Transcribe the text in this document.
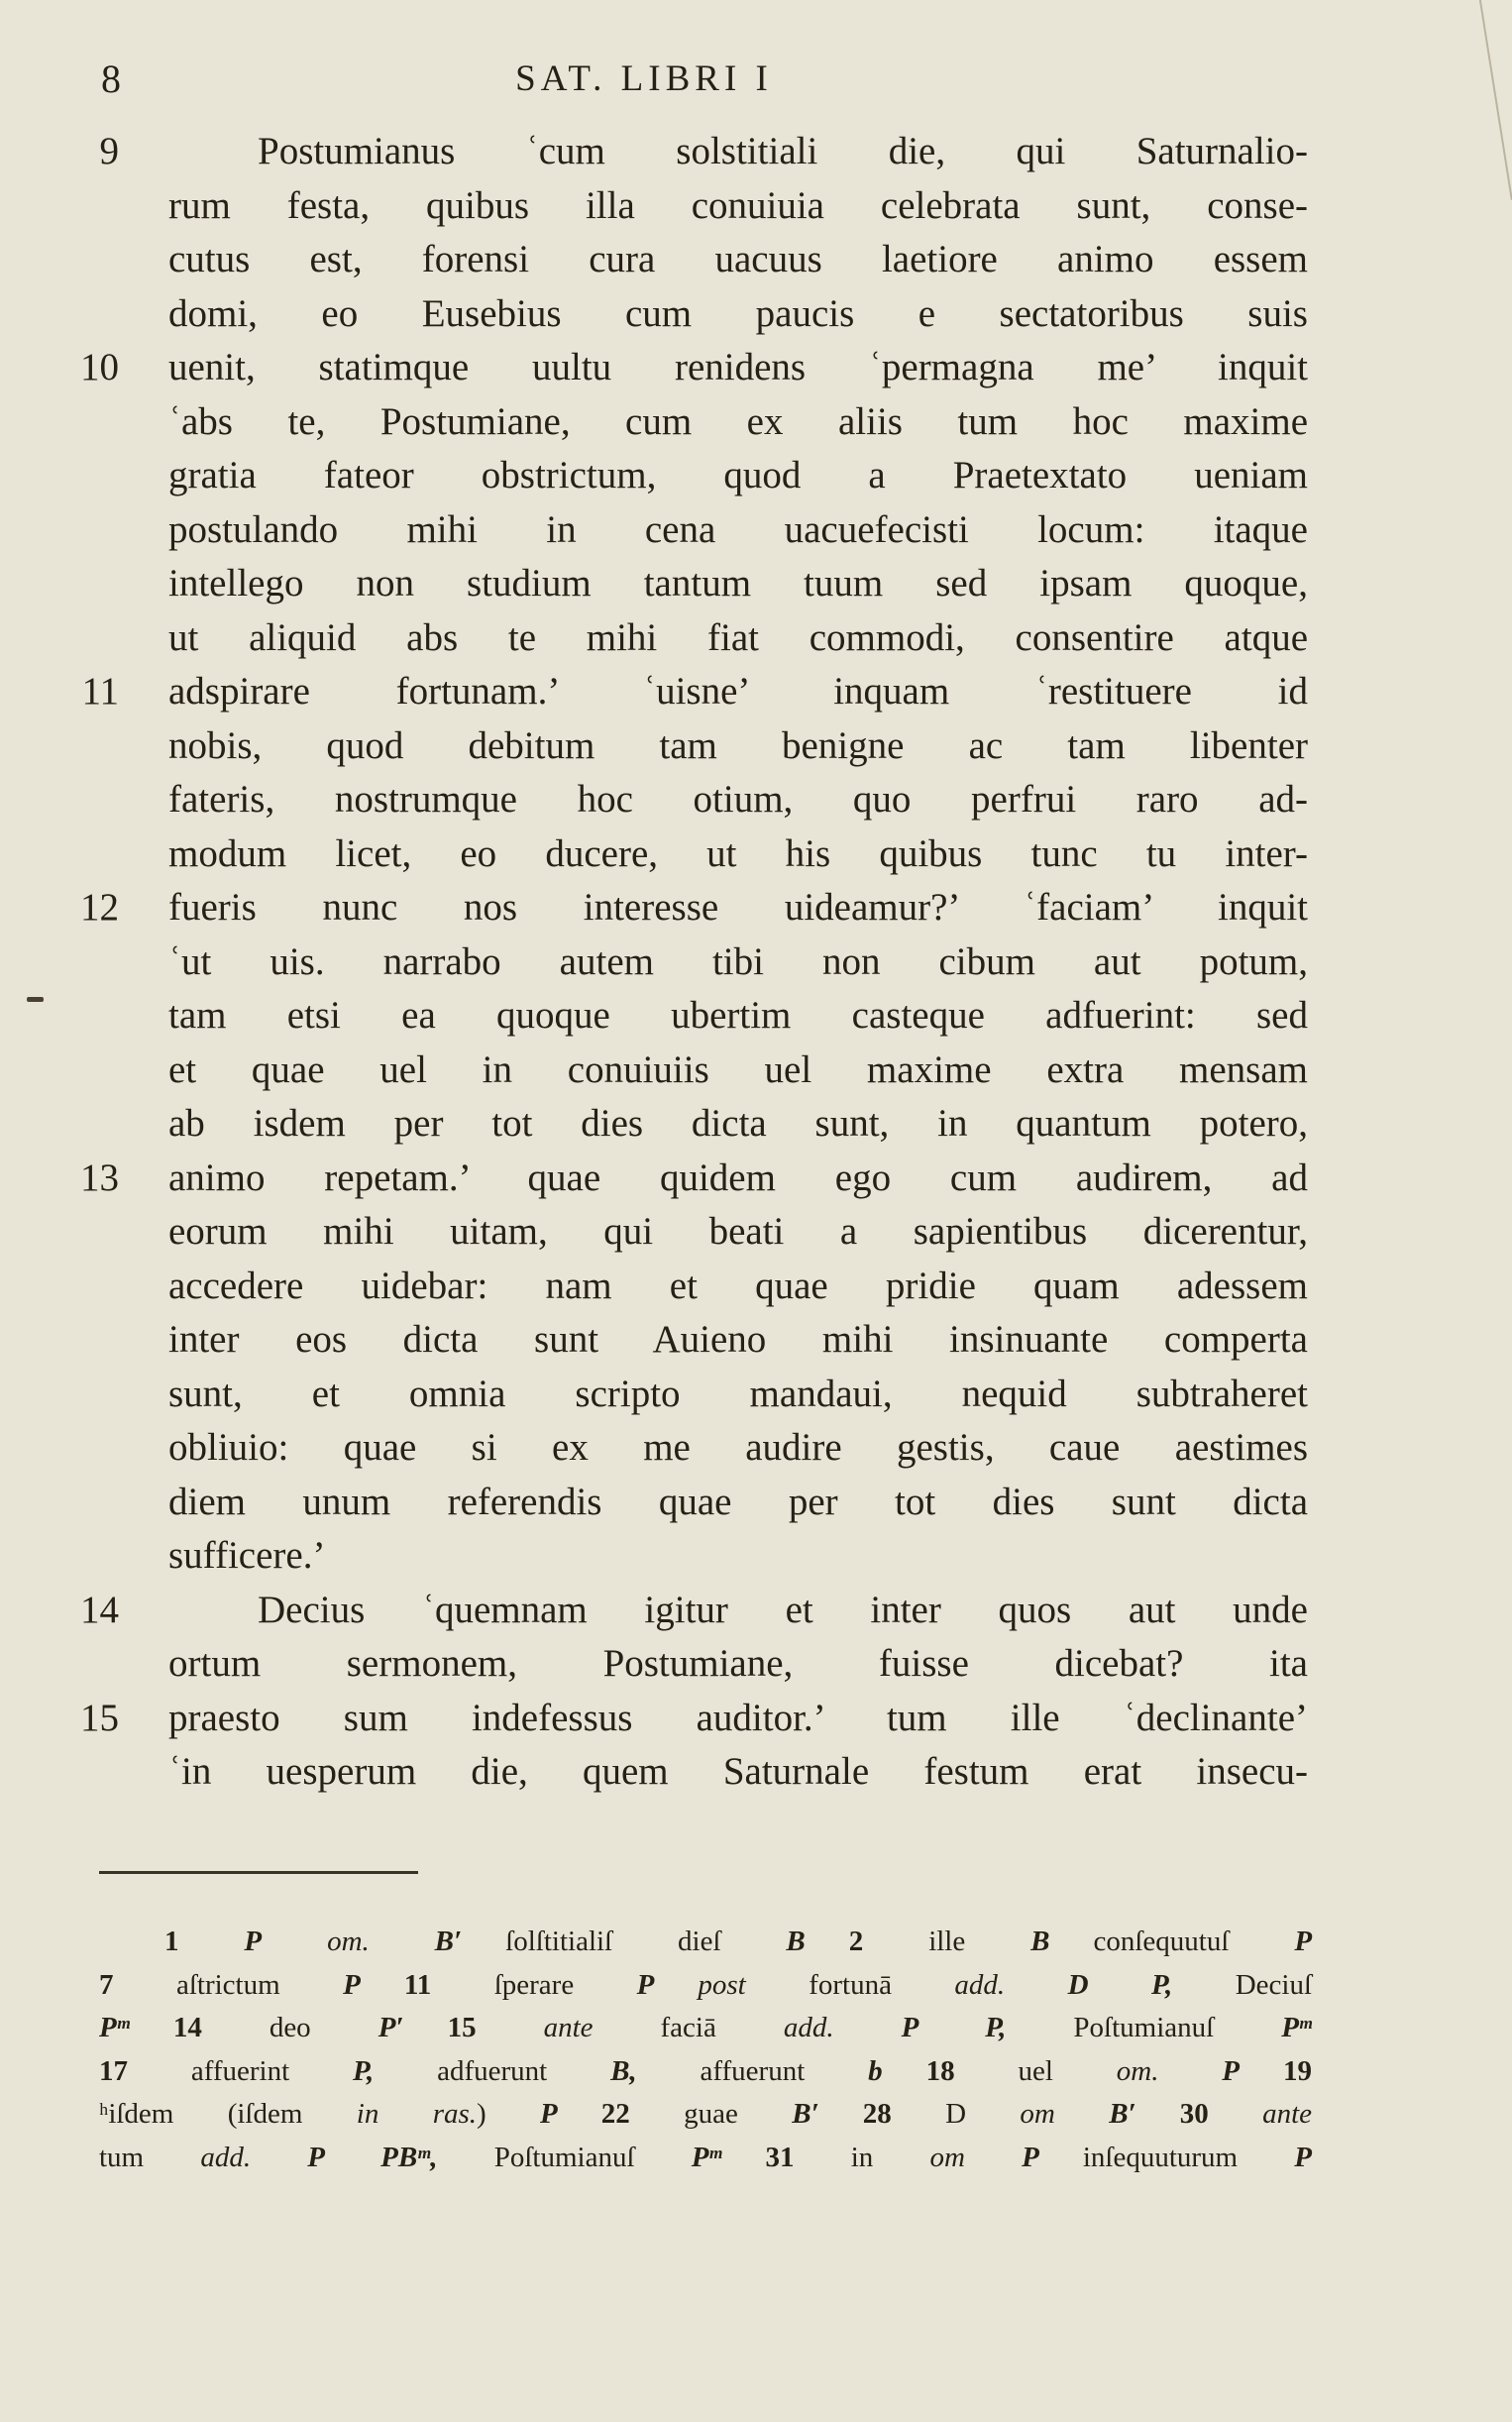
8	SAT. LIBRI I
9	Postumianus ʿcum solstitiali die, qui Saturnalio-
rum festa, quibus illa conuiuia celebrata sunt, conse-
cutus est, forensi cura uacuus laetiore animo essem
domi, eo Eusebius cum paucis e sectatoribus suis
10	uenit, statimque uultu renidens ʿpermagna me’ inquit
ʿabs te, Postumiane, cum ex aliis tum hoc maxime
gratia fateor obstrictum, quod a Praetextato ueniam
postulando mihi in cena uacuefecisti locum: itaque
intellego non studium tantum tuum sed ipsam quoque,
ut aliquid abs te mihi fiat commodi, consentire atque
11	adspirare fortunam.’ ʿuisne’ inquam ʿrestituere id
nobis, quod debitum tam benigne ac tam libenter
fateris, nostrumque hoc otium, quo perfrui raro ad-
modum licet, eo ducere, ut his quibus tunc tu inter-
12	fueris nunc nos interesse uideamur?’ ʿfaciam’ inquit
ʿut uis. narrabo autem tibi non cibum aut potum,
tam etsi ea quoque ubertim casteque adfuerint: sed
et quae uel in conuiuiis uel maxime extra mensam
ab isdem per tot dies dicta sunt, in quantum potero,
13	animo repetam.’ quae quidem ego cum audirem, ad
eorum mihi uitam, qui beati a sapientibus dicerentur,
accedere uidebar: nam et quae pridie quam adessem
inter eos dicta sunt Auieno mihi insinuante comperta
sunt, et omnia scripto mandaui, nequid subtraheret
obliuio: quae si ex me audire gestis, caue aestimes
diem unum referendis quae per tot dies sunt dicta
sufficere.’
14	Decius ʿquemnam igitur et inter quos aut unde
ortum sermonem, Postumiane, fuisse dicebat? ita
15	praesto sum indefessus auditor.’ tum ille ʿdeclinante’
ʿin uesperum die, quem Saturnale festum erat insecu-
1 P om. B′ ſolſtitialiſ dieſ B 2 ille B conſequutuſ P
7 aſtrictum P 11 ſperare P post fortunā add. D P, Deciuſ
Pᵐ 14 deo P′ 15 ante faciā add. P P, Poſtumianuſ Pᵐ
17 affuerint P, adfuerunt B, affuerunt b 18 uel om. P 19
ʰiſdem (iſdem in ras.) P 22 guae B′ 28 D om B′ 30 ante
tum add. P PBᵐ, Poſtumianuſ Pᵐ 31 in om P inſequuturum P
